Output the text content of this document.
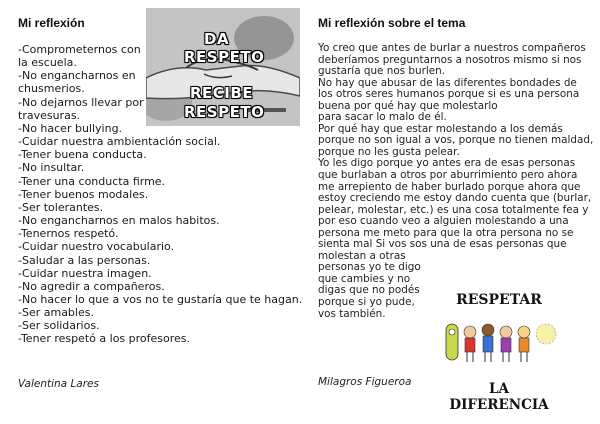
Mi reflexión
-Comprometernos con
la escuela.
-No engancharnos en
chusmerios.
-No dejarnos llevar por
travesuras.
-No hacer bullying.
-Cuidar nuestra ambientación social.
-Tener buena conducta.
-No insultar.
-Tener una conducta firme.
-Tener buenos modales.
-Ser tolerantes.
-No engancharnos en malos habitos.
-Tenernos respetó.
-Cuidar nuestro vocabulario.
-Saludar a las personas.
-Cuidar nuestra imagen.
-No agredir a compañeros.
-No hacer lo que a vos no te gustaría que te hagan.
-Ser amables.
-Ser solidarios.
-Tener respetó a los profesores.

Valentina Lares

DA
RESPETO
RECIBE
RESPETO
Mi reflexión sobre el tema
Yo creo que antes de burlar a nuestros compañeros
deberíamos preguntarnos a nosotros mismo si nos
gustaría que nos burlen.
No hay que abusar de las diferentes bondades de
los otros seres humanos porque si es una persona
buena por qué hay que molestarlo
para sacar lo malo de él.
Por qué hay que estar molestando a los demás
porque no son igual a vos, porque no tienen maldad,
porque no les gusta pelear.
Yo les digo porque yo antes era de esas personas
que burlaban a otros por aburrimiento pero ahora
me arrepiento de haber burlado porque ahora que
estoy creciendo me estoy dando cuenta que (burlar,
pelear, molestar, etc.) es una cosa totalmente fea y
por eso cuando veo a alguien molestando a una
persona me meto para que la otra persona no se
sienta mal Si vos sos una de esas personas que
molestan a otras
personas yo te digo
que cambies y no
digas que no podés
porque si yo pude,
vos también.

Milagros Figueroa

RESPETAR
LA DIFERENCIA
